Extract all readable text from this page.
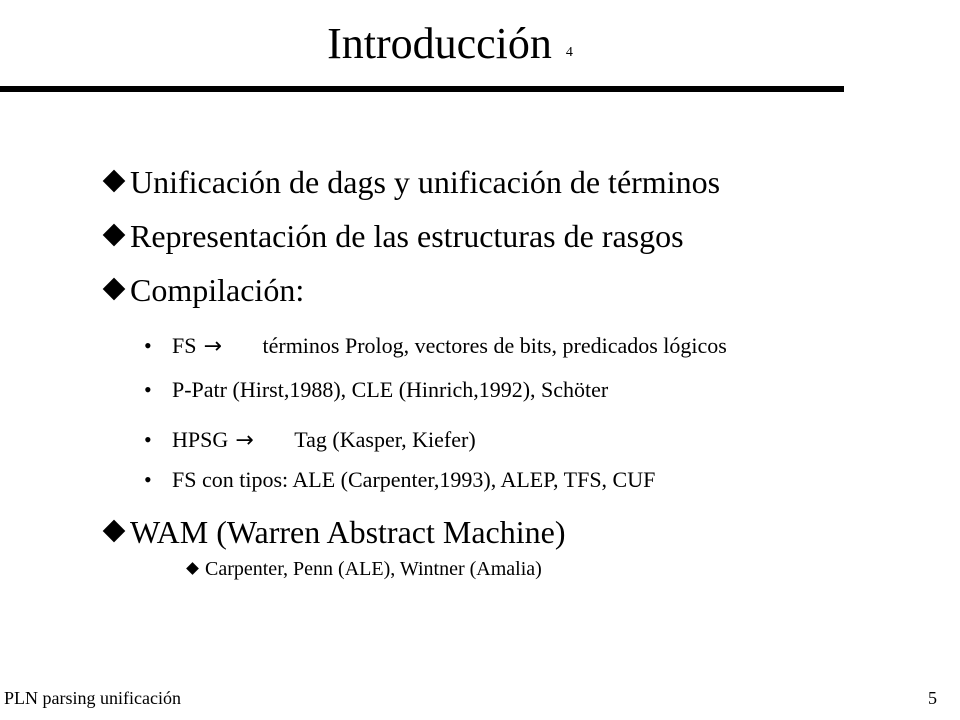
Introducción 4
Unificación de dags y unificación de términos
Representación de las estructuras de rasgos
Compilación:
• FS → términos Prolog, vectores de bits, predicados lógicos
• P-Patr (Hirst,1988), CLE (Hinrich,1992), Schöter
• HPSG → Tag (Kasper, Kiefer)
• FS con tipos: ALE (Carpenter,1993), ALEP, TFS, CUF
WAM (Warren Abstract Machine)
Carpenter, Penn (ALE), Wintner (Amalia)
PLN parsing unificación	5
